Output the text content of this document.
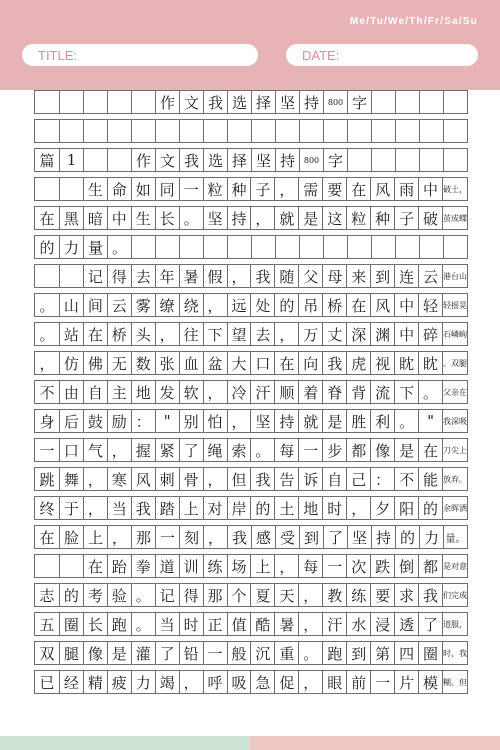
Me/Tu/We/Th/Fr/Sa/Su
TITLE:	DATE:
作 文 我 选 择 坚 持	800 字
篇 1	作 文 我 选 择 坚 持	800 字
生 命 如 同 一 粒 种 子 ， 需 要 在 风 雨 中 破土，
在 黑 暗 中 生 长 。 坚 持 ， 就 是 这 粒 种 子 破 茧成蝶
的 力 量 。
记 得 去 年 暑 假 ， 我 随 父 母 来 到 连 云 港台山
。 山 间 云 雾 缭 绕 ， 远 处 的 吊 桥 在 风 中 轻 轻摇晃
。 站 在 桥 头 ， 往 下 望 去 ， 万 丈 深 渊 中 碎 石嶙峋
， 仿 佛 无 数 张 血 盆 大 口 在 向 我 虎 视 眈 眈 。双腿
不 由 自 主 地 发 软 ， 冷 汗 顺 着 脊 背 流 下 。 父亲在
身 后 鼓 励 ： " 别 怕 ， 坚 持 就 是 胜 利 。 "	我深吸
一 口 气 ， 握 紧 了 绳 索 。 每 一 步 都 像 是 在 刀尖上
跳 舞 ， 寒 风 刺 骨 ， 但 我 告 诉 自 己 ： 不 能 放弃。
终 于 ， 当 我 踏 上 对 岸 的 土 地 时 ， 夕 阳 的 余晖洒
在 脸 上 ， 那 一 刻 ， 我 感 受 到 了 坚 持 的 力 量。
在 跆 拳 道 训 练 场 上 ， 每 一 次 跌 倒 都 是对意
志 的 考 验 。 记 得 那 个 夏 天 ， 教 练 要 求 我 们完成
五 圈 长 跑 。 当 时 正 值 酷 暑 ， 汗 水 浸 透 了 道服，
双 腿 像 是 灌 了 铅 一 般 沉 重 。 跑 到 第 四 圈 时，我
已 经 精 疲 力 竭 ， 呼 吸 急 促 ， 眼 前 一 片 模 糊。但
